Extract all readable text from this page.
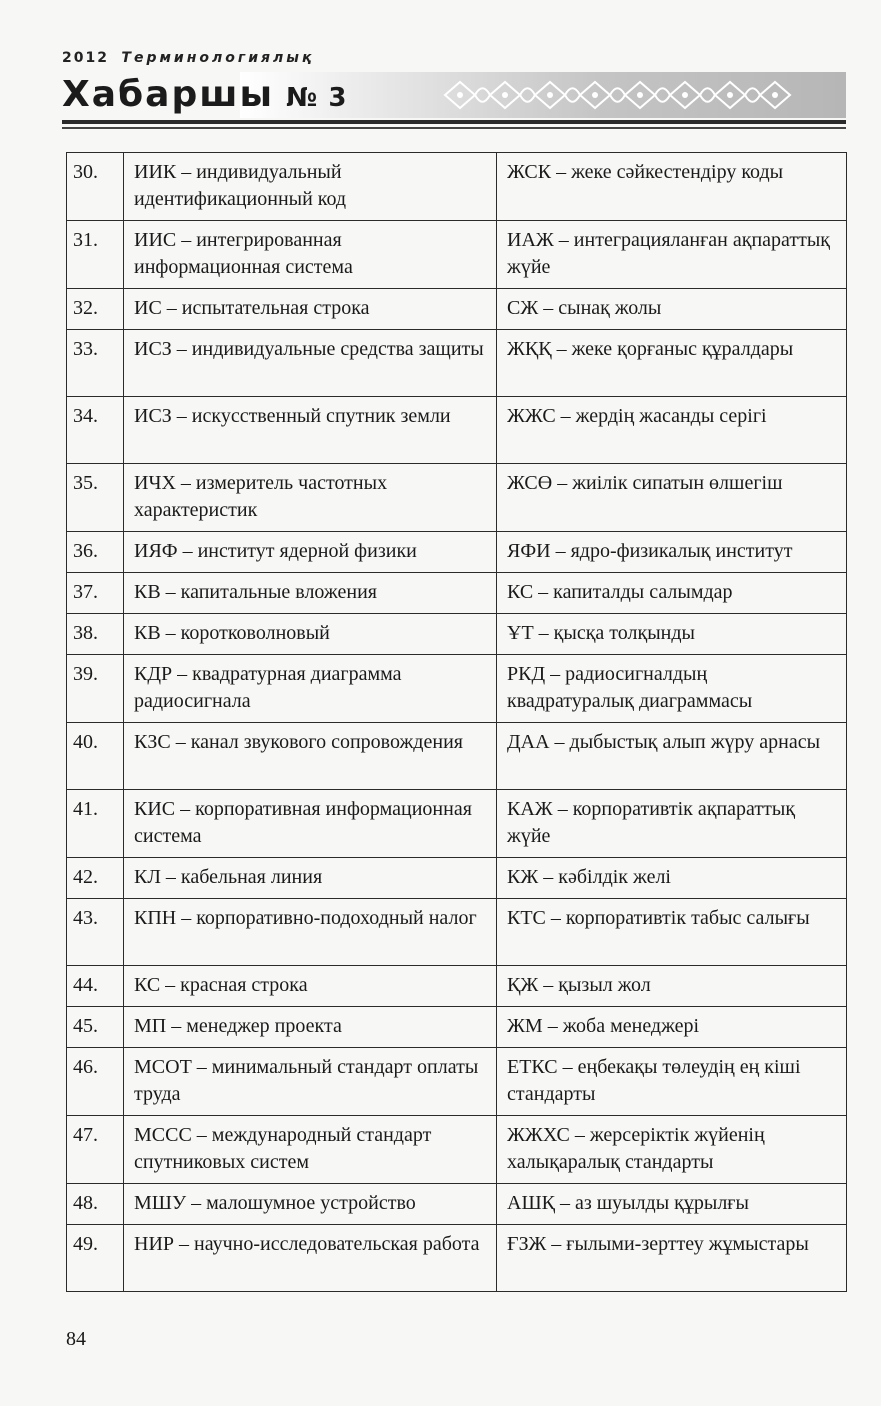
2012 Терминологиялық
Хабаршы № 3
30.	ИИК – индивидуальный идентификационный код	ЖСК – жеке сәйкестендіру коды
31.	ИИС – интегрированная информационная система	ИАЖ – интеграцияланған ақпараттық жүйе
32.	ИС – испытательная строка	СЖ – сынақ жолы
33.	ИСЗ – индивидуальные средства защиты	ЖҚҚ – жеке қорғаныс құралдары
34.	ИСЗ – искусственный спутник земли	ЖЖС – жердің жасанды серігі
35.	ИЧХ – измеритель частотных характеристик	ЖСӨ – жиілік сипатын өлшегіш
36.	ИЯФ – институт ядерной физики	ЯФИ – ядро-физикалық институт
37.	КВ – капитальные вложения	КС – капиталды салымдар
38.	КВ – коротковолновый	ҰТ – қысқа толқынды
39.	КДР – квадратурная диаграмма радиосигнала	РКД – радиосигналдың квадратуралық диаграммасы
40.	КЗС – канал звукового сопровождения	ДАА – дыбыстық алып жүру арнасы
41.	КИС – корпоративная информационная система	КАЖ – корпоративтік ақпараттық жүйе
42.	КЛ – кабельная линия	КЖ – кәбілдік желі
43.	КПН – корпоративно-подоходный налог	КТС – корпоративтік табыс салығы
44.	КС – красная строка	ҚЖ – қызыл жол
45.	МП – менеджер проекта	ЖМ – жоба менеджері
46.	МСОТ – минимальный стандарт оплаты труда	ЕТКС – еңбекақы төлеудің ең кіші стандарты
47.	МССС – международный стандарт спутниковых систем	ЖЖХС – жерсеріктік жүйенің халықаралық стандарты
48.	МШУ – малошумное устройство	АШҚ – аз шуылды құрылғы
49.	НИР – научно-исследовательская работа	ҒЗЖ – ғылыми-зерттеу жұмыстары
84
